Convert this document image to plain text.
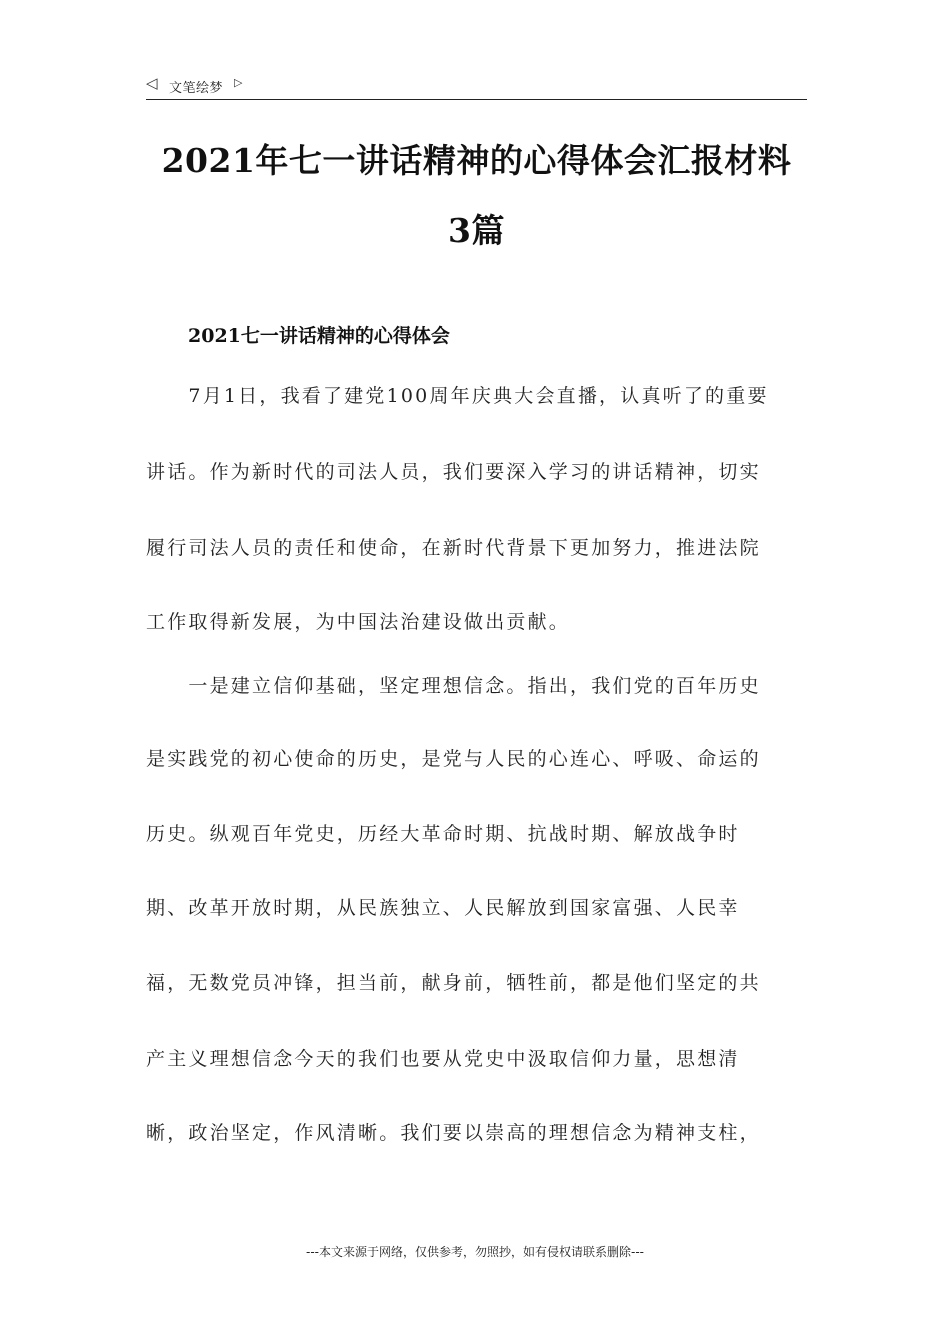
◁ 文笔绘梦 ▷
2021年七一讲话精神的心得体会汇报材料
3篇
2021七一讲话精神的心得体会
　　7月1日，我看了建党100周年庆典大会直播，认真听了的重要
讲话。作为新时代的司法人员，我们要深入学习的讲话精神，切实
履行司法人员的责任和使命，在新时代背景下更加努力，推进法院
工作取得新发展，为中国法治建设做出贡献。
　　一是建立信仰基础，坚定理想信念。指出，我们党的百年历史
是实践党的初心使命的历史，是党与人民的心连心、呼吸、命运的
历史。纵观百年党史，历经大革命时期、抗战时期、解放战争时
期、改革开放时期，从民族独立、人民解放到国家富强、人民幸
福，无数党员冲锋，担当前，献身前，牺牲前，都是他们坚定的共
产主义理想信念今天的我们也要从党史中汲取信仰力量，思想清
晰，政治坚定，作风清晰。我们要以崇高的理想信念为精神支柱，
---本文来源于网络，仅供参考，勿照抄，如有侵权请联系删除---
